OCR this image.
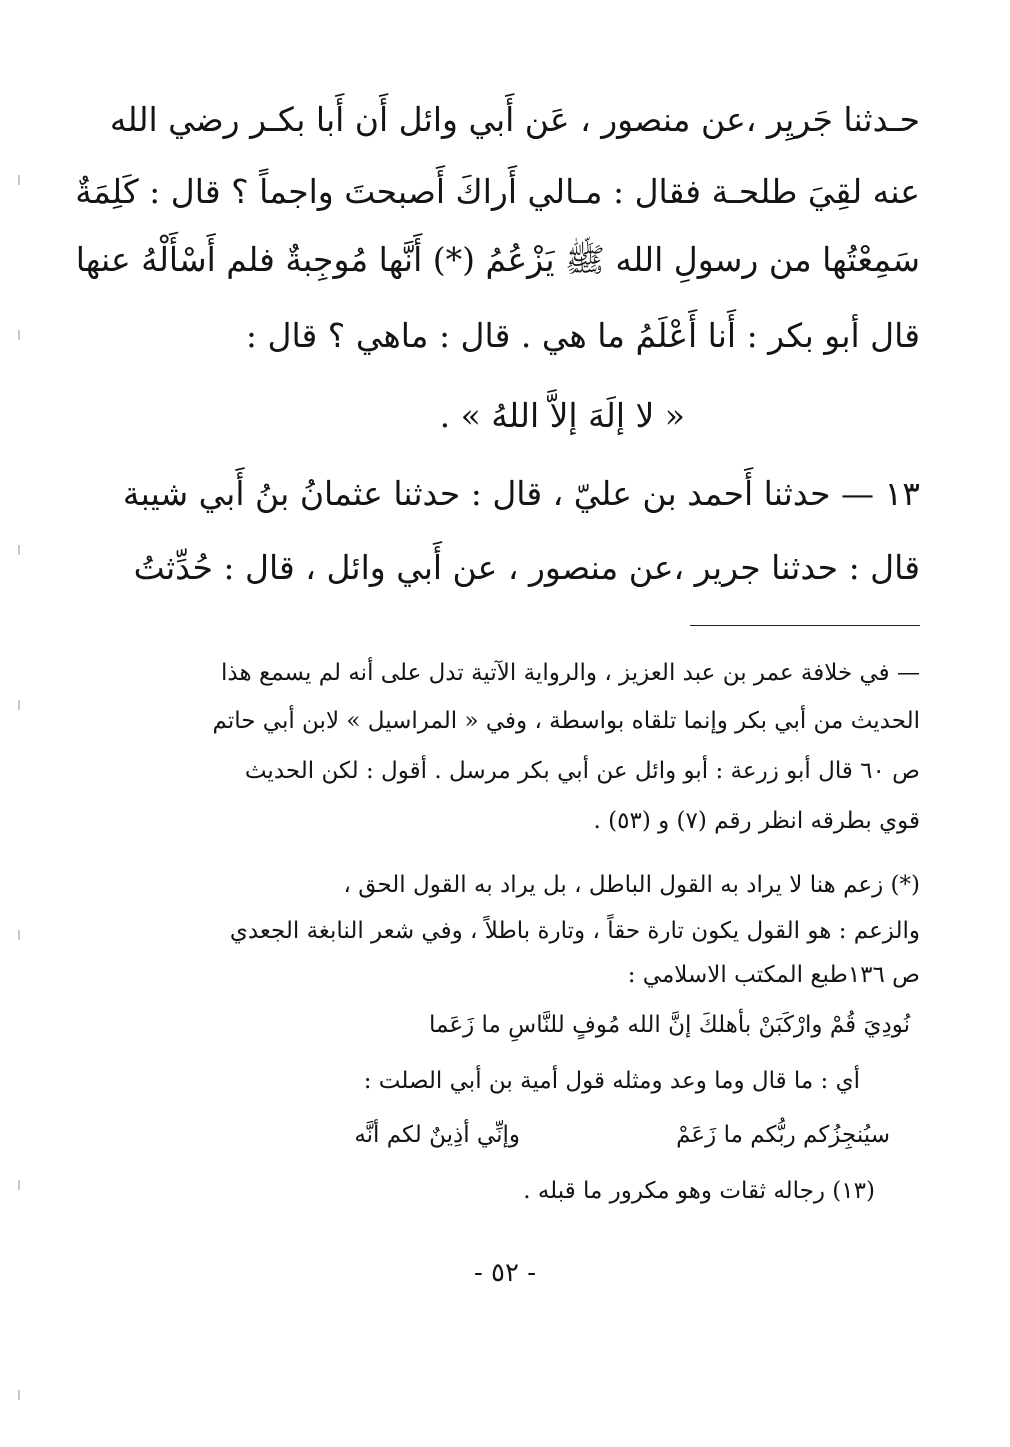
حـدثنا جَريِر ،عن منصور ، عَن أَبي وائل أَن أَبا بكـر رضي الله
عنه لقِيَ طلحـة فقال : مـالي أَراكَ أَصبحتَ واجماً ؟ قال : كَلِمَةٌ
سَمِعْتُها من رسولِ الله ﷺ يَزْعُمُ (*) أَنَّها مُوجِبةٌ فلم أَسْأَلْهُ عنها
قال أبو بكر : أَنا أَعْلَمُ ما هي . قال : ماهي ؟ قال :
« لا إلَهَ إلاَّ اللهُ » .
١٣ — حدثنا أَحمد بن عليّ ، قال : حدثنا عثمانُ بنُ أَبي شيبة
قال : حدثنا جرير ،عن منصور ، عن أَبي وائل ، قال : حُدِّثتُ
— في خلافة عمر بن عبد العزيز ، والرواية الآتية تدل على أنه لم يسمع هذا
الحديث من أبي بكر وإنما تلقاه بواسطة ، وفي « المراسيل » لابن أبي حاتم
ص ٦٠ قال أبو زرعة : أبو وائل عن أبي بكر مرسل . أقول : لكن الحديث
قوي بطرقه انظر رقم (٧) و (٥٣) .
(*) زعم هنا لا يراد به القول الباطل ، بل يراد به القول الحق ،
والزعم : هو القول يكون تارة حقاً ، وتارة باطلاً ، وفي شعر النابغة الجعدي
ص ١٣٦طبع المكتب الاسلامي :
نُودِيَ قُمْ وارْكَبَنْ بأهلكَ إنَّ الله مُوفٍ للنَّاسِ ما زَعَما
أي : ما قال وما وعد ومثله قول أمية بن أبي الصلت :
وإنِّي أذِينٌ لكم أنَّه	سيُنجِزُكم ربُّكم ما زَعَمْ
(١٣) رجاله ثقات وهو مكرور ما قبله .
- ٥٢ -
